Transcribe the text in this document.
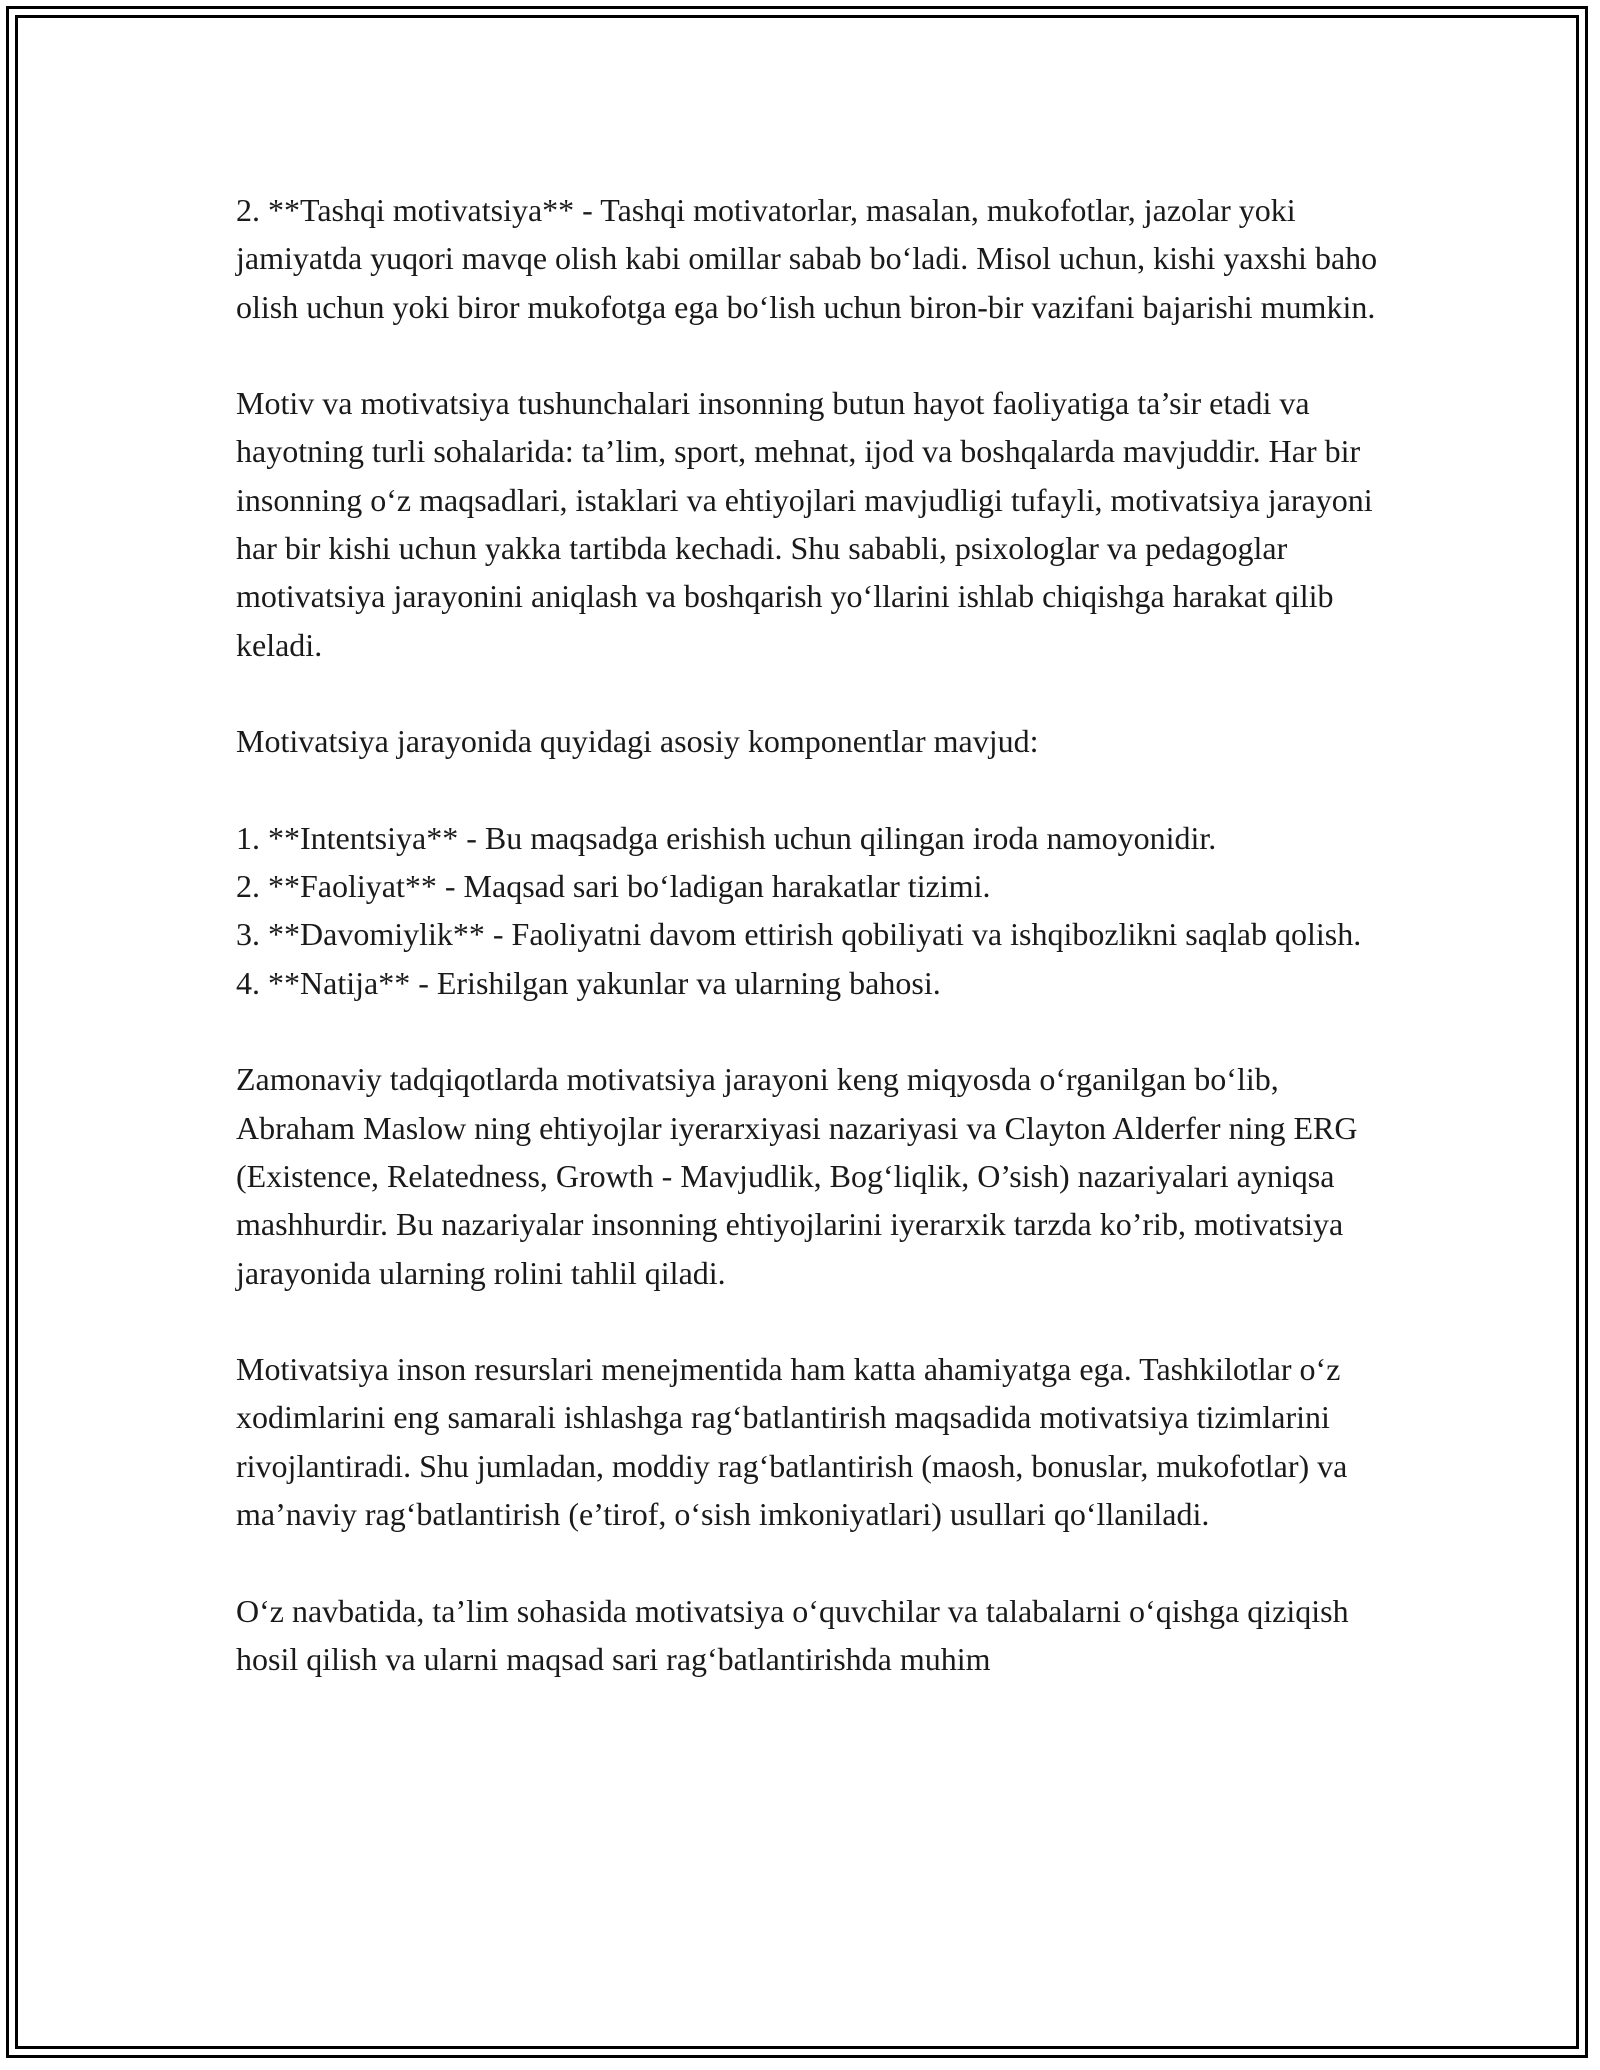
2. **Tashqi motivatsiya** - Tashqi motivatorlar, masalan, mukofotlar, jazolar yoki jamiyatda yuqori mavqe olish kabi omillar sabab bo‘ladi. Misol uchun, kishi yaxshi baho olish uchun yoki biror mukofotga ega bo‘lish uchun biron-bir vazifani bajarishi mumkin.

Motiv va motivatsiya tushunchalari insonning butun hayot faoliyatiga ta’sir etadi va hayotning turli sohalarida: ta’lim, sport, mehnat, ijod va boshqalarda mavjuddir. Har bir insonning o‘z maqsadlari, istaklari va ehtiyojlari mavjudligi tufayli, motivatsiya jarayoni har bir kishi uchun yakka tartibda kechadi. Shu sababli, psixologlar va pedagoglar motivatsiya jarayonini aniqlash va boshqarish yo‘llarini ishlab chiqishga harakat qilib keladi.

Motivatsiya jarayonida quyidagi asosiy komponentlar mavjud:

1. **Intentsiya** - Bu maqsadga erishish uchun qilingan iroda namoyonidir.
2. **Faoliyat** - Maqsad sari bo‘ladigan harakatlar tizimi.
3. **Davomiylik** - Faoliyatni davom ettirish qobiliyati va ishqibozlikni saqlab qolish.
4. **Natija** - Erishilgan yakunlar va ularning bahosi.

Zamonaviy tadqiqotlarda motivatsiya jarayoni keng miqyosda o‘rganilgan bo‘lib, Abraham Maslow ning ehtiyojlar iyerarxiyasi nazariyasi va Clayton Alderfer ning ERG (Existence, Relatedness, Growth - Mavjudlik, Bog‘liqlik, O’sish) nazariyalari ayniqsa mashhurdir. Bu nazariyalar insonning ehtiyojlarini iyerarxik tarzda ko’rib, motivatsiya jarayonida ularning rolini tahlil qiladi.

Motivatsiya inson resurslari menejmentida ham katta ahamiyatga ega. Tashkilotlar o‘z xodimlarini eng samarali ishlashga rag‘batlantirish maqsadida motivatsiya tizimlarini rivojlantiradi. Shu jumladan, moddiy rag‘batlantirish (maosh, bonuslar, mukofotlar) va ma’naviy rag‘batlantirish (e’tirof, o‘sish imkoniyatlari) usullari qo‘llaniladi.

O‘z navbatida, ta’lim sohasida motivatsiya o‘quvchilar va talabalarni o‘qishga qiziqish hosil qilish va ularni maqsad sari rag‘batlantirishda muhim
